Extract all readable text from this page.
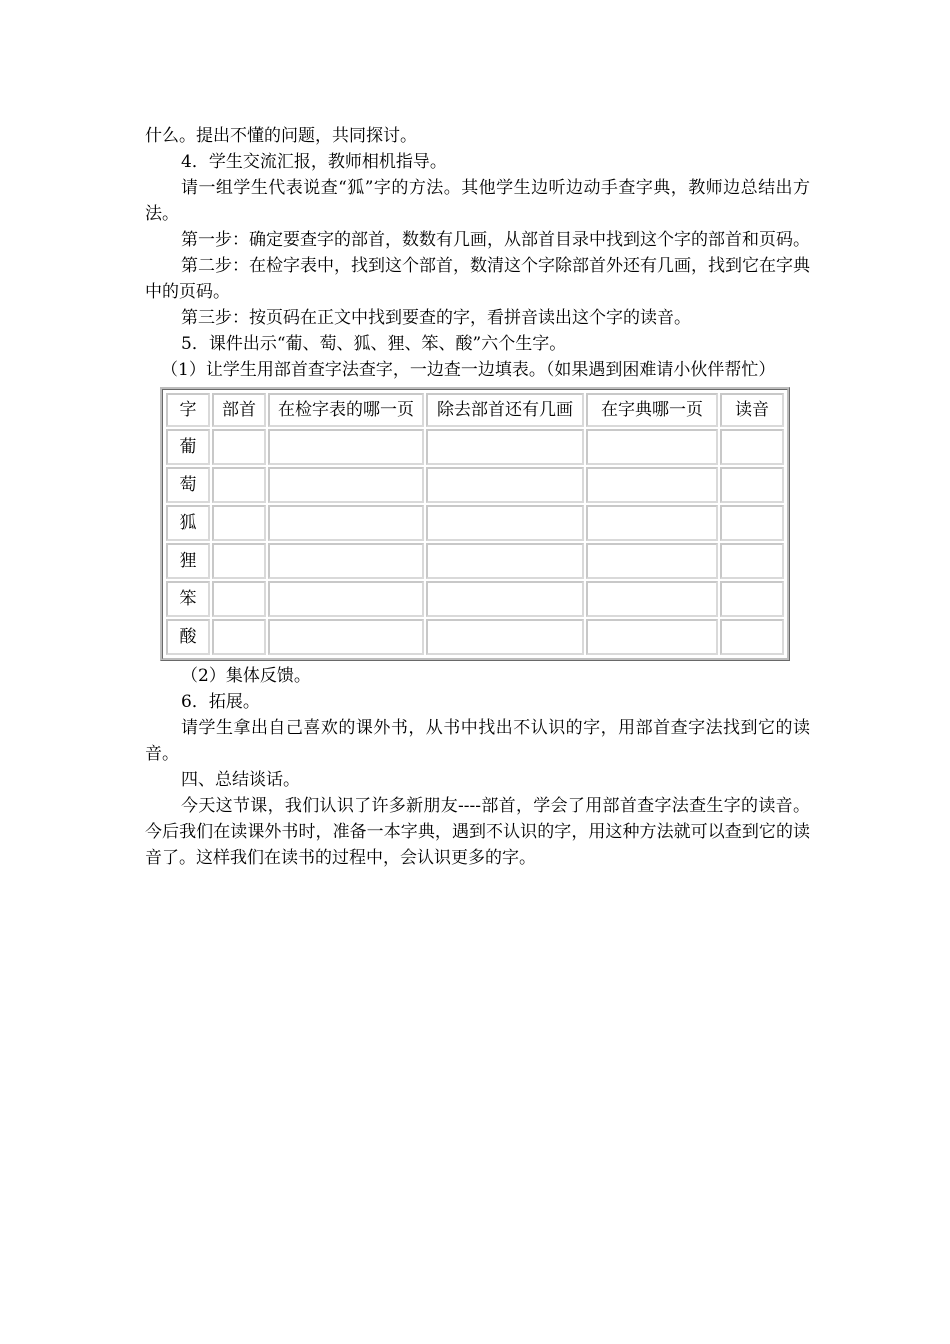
什么。提出不懂的问题，共同探讨。

4．学生交流汇报，教师相机指导。

请一组学生代表说查“狐”字的方法。其他学生边听边动手查字典，教师边总结出方法。

第一步：确定要查字的部首，数数有几画，从部首目录中找到这个字的部首和页码。

第二步：在检字表中，找到这个部首，数清这个字除部首外还有几画，找到它在字典中的页码。

第三步：按页码在正文中找到要查的字，看拼音读出这个字的读音。

5．课件出示“葡、萄、狐、狸、笨、酸”六个生字。

（1）让学生用部首查字法查字，一边查一边填表。（如果遇到困难请小伙伴帮忙）

字	部首	在检字表的哪一页	除去部首还有几画	在字典哪一页	读音
葡					
萄					
狐					
狸					
笨					
酸					

（2）集体反馈。

6．拓展。

请学生拿出自己喜欢的课外书，从书中找出不认识的字，用部首查字法找到它的读音。

四、总结谈话。

今天这节课，我们认识了许多新朋友----部首，学会了用部首查字法查生字的读音。今后我们在读课外书时，准备一本字典，遇到不认识的字，用这种方法就可以查到它的读音了。这样我们在读书的过程中，会认识更多的字。
